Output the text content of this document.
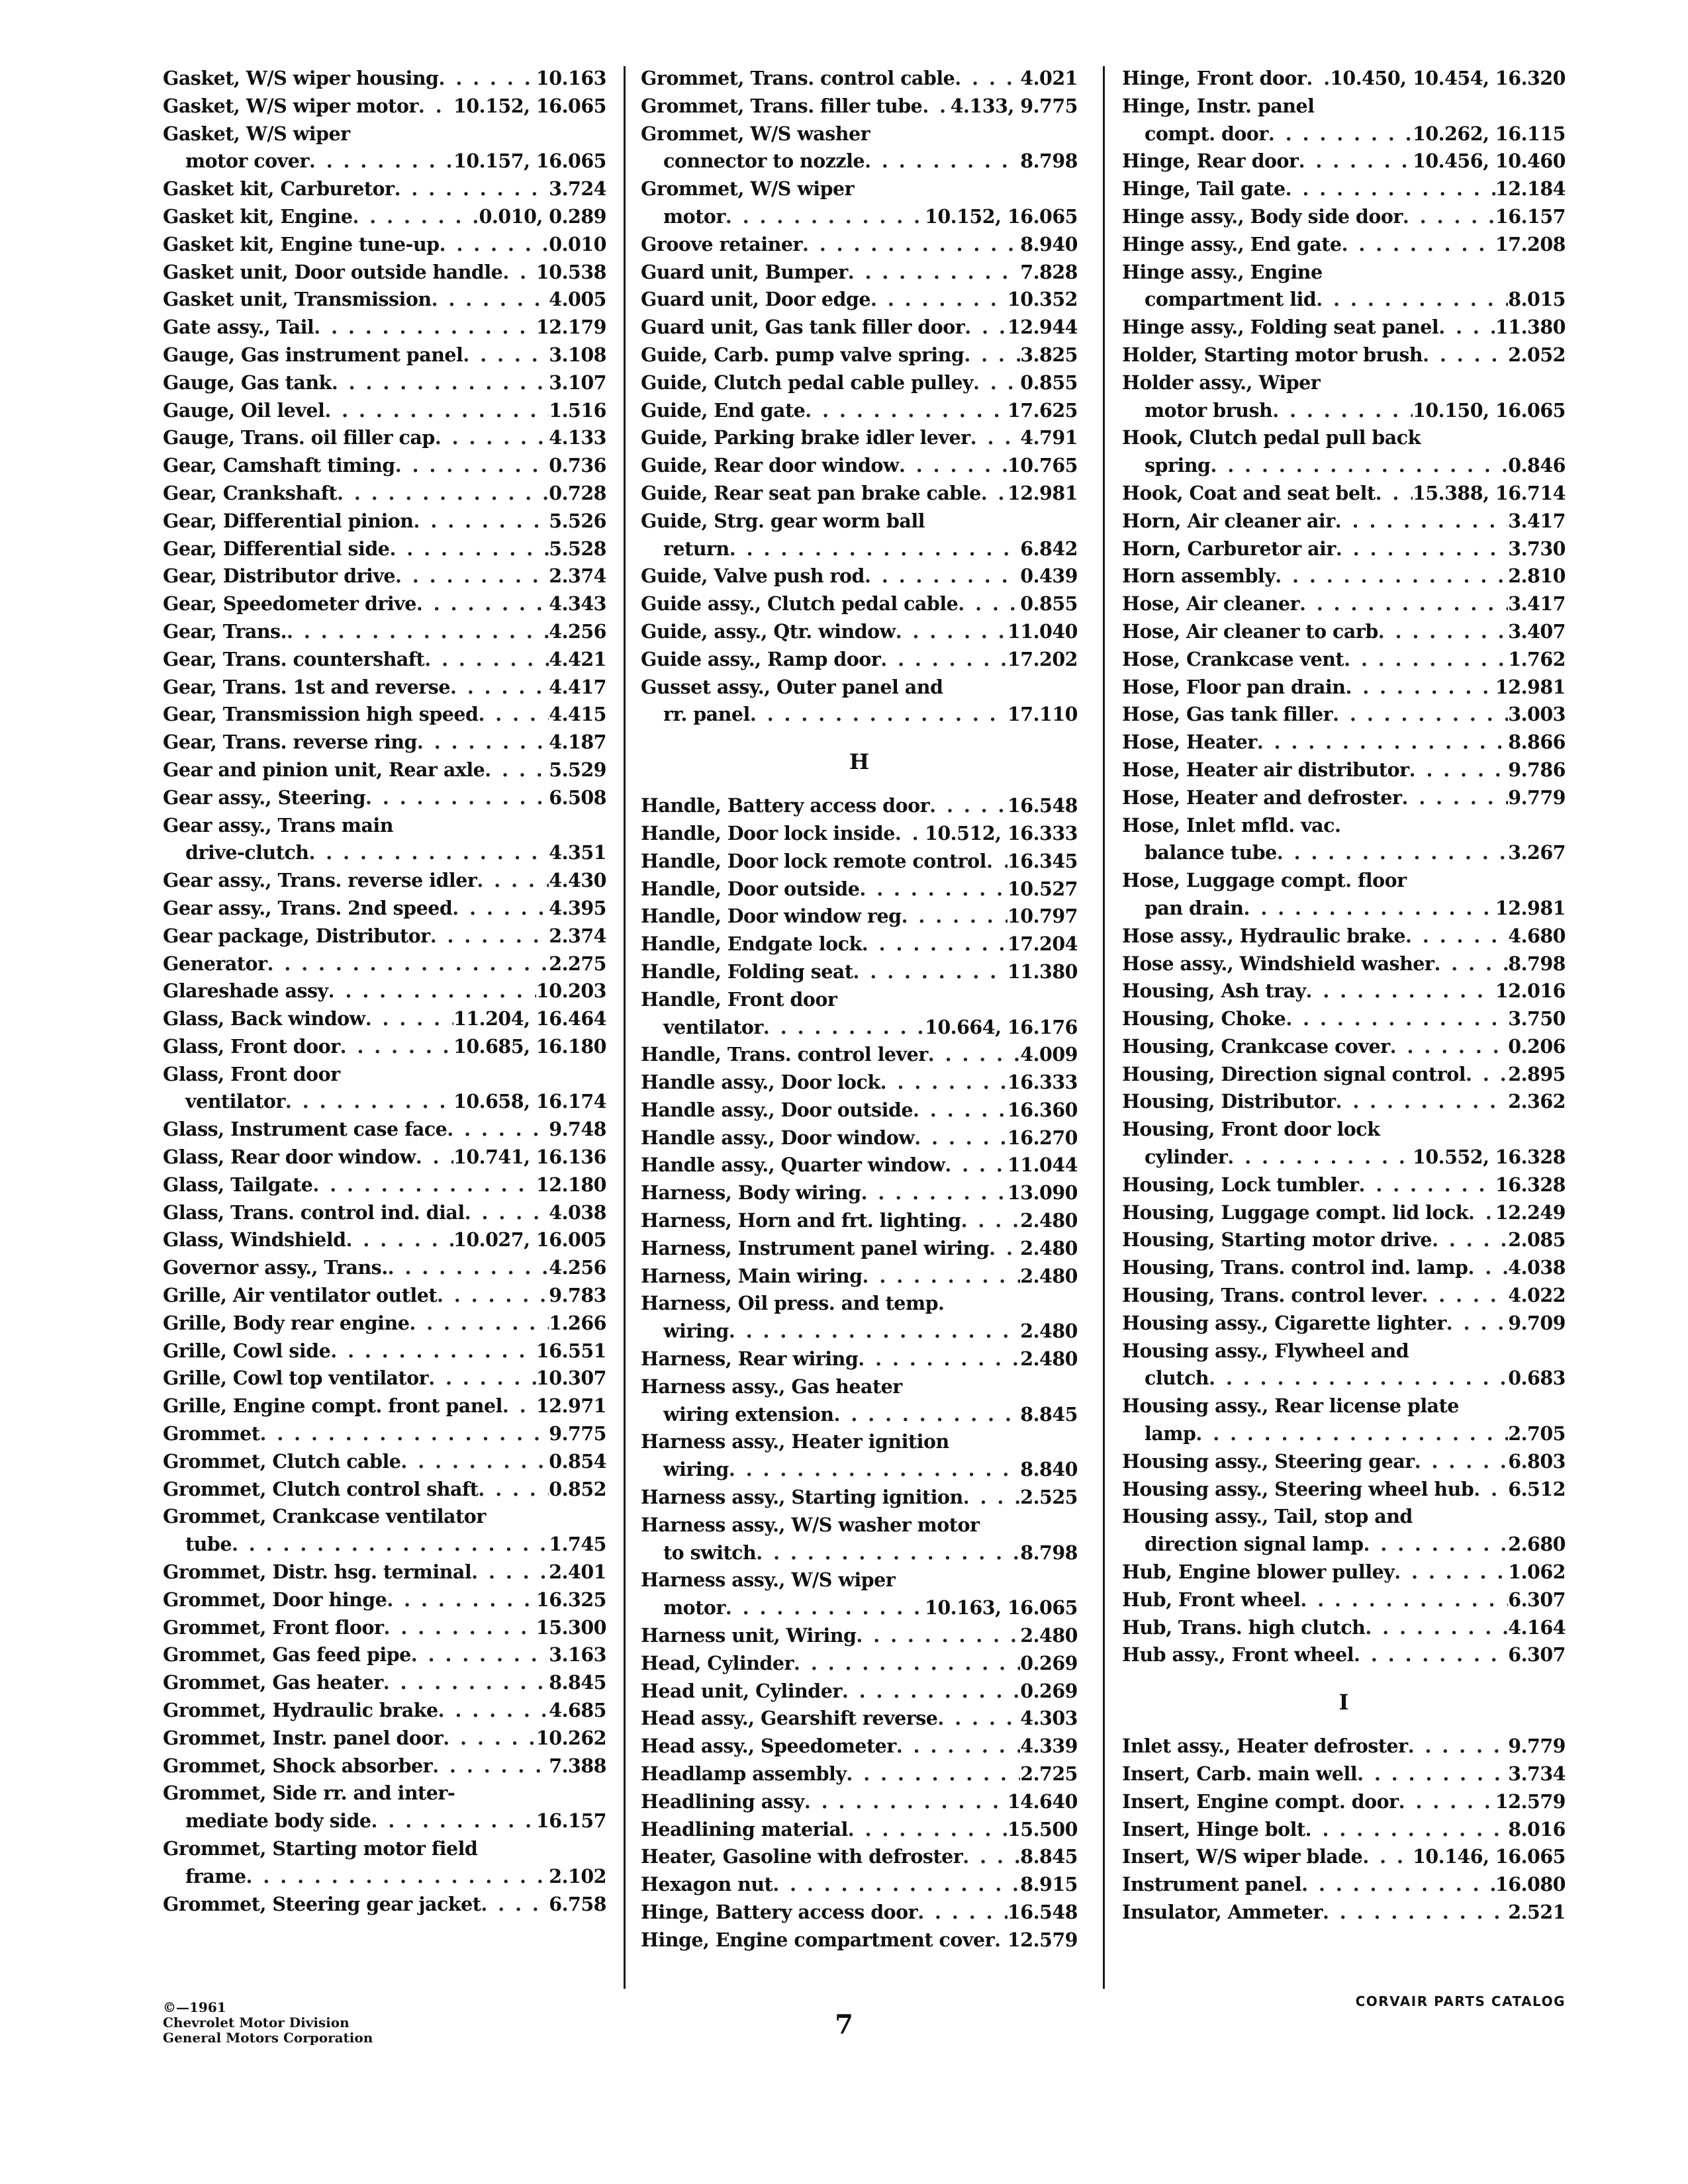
Gasket, W/S wiper housing . . .	10.163
Gasket, W/S wiper motor . . . 10.152, 16.065
Gasket, W/S wiper
motor cover . . .	10.157, 16.065
Gasket kit, Carburetor . . .	3.724
Gasket kit, Engine . . .	0.010, 0.289
Gasket kit, Engine tune-up . . .	0.010
Gasket unit, Door outside handle . . . 10.538
Gasket unit, Transmission . . .	4.005
Gate assy., Tail . . .	12.179
Gauge, Gas instrument panel . . .	3.108
Gauge, Gas tank . . .	3.107
Gauge, Oil level . . .	1.516
Gauge, Trans. oil filler cap . . .	4.133
Gear, Camshaft timing . . .	0.736
Gear, Crankshaft . . .	0.728
Gear, Differential pinion . . .	5.526
Gear, Differential side . . .	5.528
Gear, Distributor drive . . .	2.374
Gear, Speedometer drive . . .	4.343
Gear, Trans. . . .	4.256
Gear, Trans. countershaft . . .	4.421
Gear, Trans. 1st and reverse . . .	4.417
Gear, Transmission high speed . . .	4.415
Gear, Trans. reverse ring . . .	4.187
Gear and pinion unit, Rear axle . . .	5.529
Gear assy., Steering . . .	6.508
Gear assy., Trans main
drive-clutch . . .	4.351
Gear assy., Trans. reverse idler . . .	4.430
Gear assy., Trans. 2nd speed . . .	4.395
Gear package, Distributor . . .	2.374
Generator . . .	2.275
Glareshade assy . . .	10.203
Glass, Back window . . .	11.204, 16.464
Glass, Front door . . .	10.685, 16.180
Glass, Front door
ventilator . . .	10.658, 16.174
Glass, Instrument case face . . .	9.748
Glass, Rear door window . . . 10.741, 16.136
Glass, Tailgate . . .	12.180
Glass, Trans. control ind. dial . . .	4.038
Glass, Windshield . . .	10.027, 16.005
Governor assy., Trans. . . .	4.256
Grille, Air ventilator outlet . . .	9.783
Grille, Body rear engine . . .	1.266
Grille, Cowl side . . .	16.551
Grille, Cowl top ventilator . . .	10.307
Grille, Engine compt. front panel . . . 12.971
Grommet . . .	9.775
Grommet, Clutch cable . . .	0.854
Grommet, Clutch control shaft . . .	0.852
Grommet, Crankcase ventilator
tube . . .	1.745
Grommet, Distr. hsg. terminal . . .	2.401
Grommet, Door hinge . . .	16.325
Grommet, Front floor . . .	15.300
Grommet, Gas feed pipe . . .	3.163
Grommet, Gas heater . . .	8.845
Grommet, Hydraulic brake . . .	4.685
Grommet, Instr. panel door . . .	10.262
Grommet, Shock absorber . . .	7.388
Grommet, Side rr. and inter-
mediate body side . . .	16.157
Grommet, Starting motor field
frame . . .	2.102
Grommet, Steering gear jacket . . .	6.758
Grommet, Trans. control cable . . .	4.021
Grommet, Trans. filler tube . . . 4.133, 9.775
Grommet, W/S washer
connector to nozzle . . .	8.798
Grommet, W/S wiper
motor . . .	10.152, 16.065
Groove retainer . . .	8.940
Guard unit, Bumper . . .	7.828
Guard unit, Door edge . . .	10.352
Guard unit, Gas tank filler door . . . 12.944
Guide, Carb. pump valve spring . . .	3.825
Guide, Clutch pedal cable pulley . . . 0.855
Guide, End gate . . .	17.625
Guide, Parking brake idler lever . . .	4.791
Guide, Rear door window . . .	10.765
Guide, Rear seat pan brake cable . . . 12.981
Guide, Strg. gear worm ball
return . . .	6.842
Guide, Valve push rod . . .	0.439
Guide assy., Clutch pedal cable . . .	0.855
Guide, assy., Qtr. window . . .	11.040
Guide assy., Ramp door . . .	17.202
Gusset assy., Outer panel and
rr. panel . . .	17.110
H
Handle, Battery access door . . .	16.548
Handle, Door lock inside . . . 10.512, 16.333
Handle, Door lock remote control . . . 16.345
Handle, Door outside . . .	10.527
Handle, Door window reg . . .	10.797
Handle, Endgate lock . . .	17.204
Handle, Folding seat . . .	11.380
Handle, Front door
ventilator . . .	10.664, 16.176
Handle, Trans. control lever . . .	4.009
Handle assy., Door lock . . .	16.333
Handle assy., Door outside . . .	16.360
Handle assy., Door window . . .	16.270
Handle assy., Quarter window . . .	11.044
Harness, Body wiring . . .	13.090
Harness, Horn and frt. lighting . . .	2.480
Harness, Instrument panel wiring . . . 2.480
Harness, Main wiring . . .	2.480
Harness, Oil press. and temp.
wiring . . .	2.480
Harness, Rear wiring . . .	2.480
Harness assy., Gas heater
wiring extension . . .	8.845
Harness assy., Heater ignition
wiring . . .	8.840
Harness assy., Starting ignition . . .	2.525
Harness assy., W/S washer motor
to switch . . .	8.798
Harness assy., W/S wiper
motor . . .	10.163, 16.065
Harness unit, Wiring . . .	2.480
Head, Cylinder . . .	0.269
Head unit, Cylinder . . .	0.269
Head assy., Gearshift reverse . . .	4.303
Head assy., Speedometer . . .	4.339
Headlamp assembly . . .	2.725
Headlining assy . . .	14.640
Headlining material . . .	15.500
Heater, Gasoline with defroster . . .	8.845
Hexagon nut . . .	8.915
Hinge, Battery access door . . .	16.548
Hinge, Engine compartment cover . . . 12.579
Hinge, Front door . . . 10.450, 10.454, 16.320
Hinge, Instr. panel
compt. door . . .	10.262, 16.115
Hinge, Rear door . . .	10.456, 10.460
Hinge, Tail gate . . .	12.184
Hinge assy., Body side door . . .	16.157
Hinge assy., End gate . . .	17.208
Hinge assy., Engine
compartment lid . . .	8.015
Hinge assy., Folding seat panel . . .	11.380
Holder, Starting motor brush . . .	2.052
Holder assy., Wiper
motor brush . . .	10.150, 16.065
Hook, Clutch pedal pull back
spring . . .	0.846
Hook, Coat and seat belt . . . 15.388, 16.714
Horn, Air cleaner air . . .	3.417
Horn, Carburetor air . . .	3.730
Horn assembly . . .	2.810
Hose, Air cleaner . . .	3.417
Hose, Air cleaner to carb . . .	3.407
Hose, Crankcase vent . . .	1.762
Hose, Floor pan drain . . .	12.981
Hose, Gas tank filler . . .	3.003
Hose, Heater . . .	8.866
Hose, Heater air distributor . . .	9.786
Hose, Heater and defroster . . .	9.779
Hose, Inlet mfld. vac.
balance tube . . .	3.267
Hose, Luggage compt. floor
pan drain . . .	12.981
Hose assy., Hydraulic brake . . .	4.680
Hose assy., Windshield washer . . .	8.798
Housing, Ash tray . . .	12.016
Housing, Choke . . .	3.750
Housing, Crankcase cover . . .	0.206
Housing, Direction signal control . . . 2.895
Housing, Distributor . . .	2.362
Housing, Front door lock
cylinder . . .	10.552, 16.328
Housing, Lock tumbler . . .	16.328
Housing, Luggage compt. lid lock . . . 12.249
Housing, Starting motor drive . . .	2.085
Housing, Trans. control ind. lamp . . . 4.038
Housing, Trans. control lever . . .	4.022
Housing assy., Cigarette lighter . . .	9.709
Housing assy., Flywheel and
clutch . . .	0.683
Housing assy., Rear license plate
lamp . . .	2.705
Housing assy., Steering gear . . .	6.803
Housing assy., Steering wheel hub . . . 6.512
Housing assy., Tail, stop and
direction signal lamp . . .	2.680
Hub, Engine blower pulley . . .	1.062
Hub, Front wheel . . .	6.307
Hub, Trans. high clutch . . .	4.164
Hub assy., Front wheel . . .	6.307
I
Inlet assy., Heater defroster . . .	9.779
Insert, Carb. main well . . .	3.734
Insert, Engine compt. door . . .	12.579
Insert, Hinge bolt . . .	8.016
Insert, W/S wiper blade . . .	10.146, 16.065
Instrument panel . . .	16.080
Insulator, Ammeter . . .	2.521
©—1961
Chevrolet Motor Division
General Motors Corporation	7
CORVAIR PARTS CATALOG
